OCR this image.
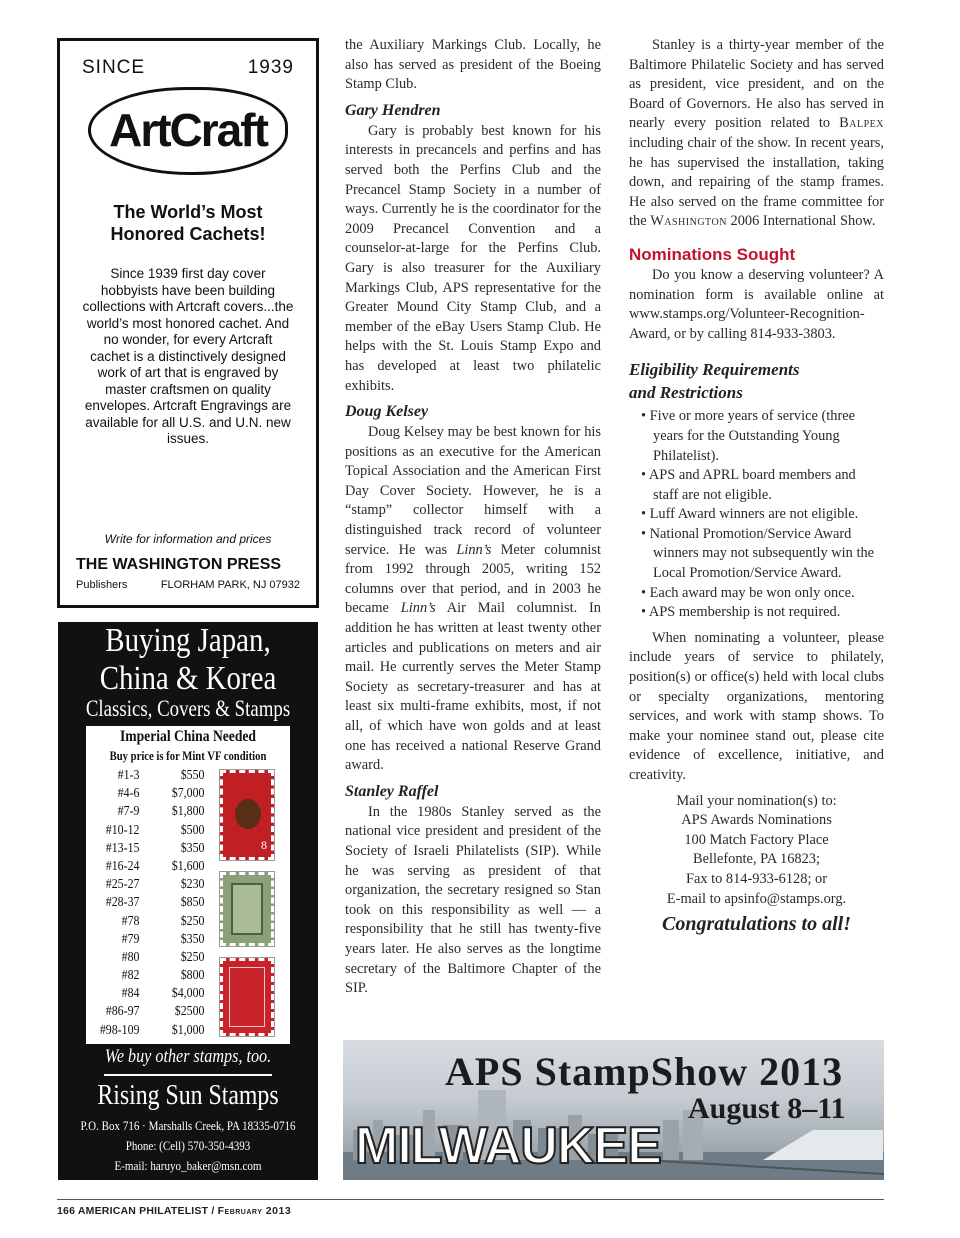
SINCE	1939
ArtCraft
The World’s Most
Honored Cachets!
Since 1939 first day cover hobbyists have been building collections with Artcraft covers...the world’s most honored cachet. And no wonder, for every Artcraft cachet is a distinctively designed work of art that is engraved by master craftsmen on quality envelopes. Artcraft Engravings are available for all U.S. and U.N. new issues.
Write for information and prices
THE WASHINGTON PRESS
Publishers	FLORHAM PARK, NJ 07932
Buying Japan,
China & Korea
Classics, Covers & Stamps
Imperial China Needed
Buy price is for Mint VF condition
#1-3	$550
#4-6	$7,000
#7-9	$1,800
#10-12	$500
#13-15	$350
#16-24	$1,600
#25-27	$230
#28-37	$850
#78	$250
#79	$350
#80	$250
#82	$800
#84	$4,000
#86-97	$2500
#98-109	$1,000
8
We buy other stamps, too.
Rising Sun Stamps
P.O. Box 716 · Marshalls Creek, PA 18335-0716
Phone: (Cell) 570-350-4393
E-mail: haruyo_baker@msn.com

the Auxiliary Markings Club. Locally, he also has served as president of the Boeing Stamp Club.

Gary Hendren

Gary is probably best known for his interests in precancels and perfins and has served both the Perfins Club and the Precancel Stamp Society in a number of ways. Currently he is the coordinator for the 2009 Precancel Convention and a counselor-at-large for the Perfins Club. Gary is also treasurer for the Auxiliary Markings Club, APS representative for the Greater Mound City Stamp Club, and a member of the eBay Users Stamp Club. He helps with the St. Louis Stamp Expo and has developed at least two philatelic exhibits.

Doug Kelsey

Doug Kelsey may be best known for his positions as an executive for the American Topical Association and the American First Day Cover Society. However, he is a “stamp” collector himself with a distinguished track record of volunteer service. He was Linn’s Meter columnist from 1992 through 2005, writing 152 columns over that period, and in 2003 he became Linn’s Air Mail columnist. In addition he has written at least twenty other articles and publications on meters and air mail. He currently serves the Meter Stamp Society as secretary-treasurer and has at least six multi-frame exhibits, most, if not all, of which have won golds and at least one has received a national Reserve Grand award.

Stanley Raffel

In the 1980s Stanley served as the national vice president and president of the Society of Israeli Philatelists (SIP). While he was serving as president of that organization, the secretary resigned so Stan took on this responsibility as well — a responsibility that he still has twenty-five years later. He also serves as the longtime secretary of the Baltimore Chapter of the SIP.

Stanley is a thirty-year member of the Baltimore Philatelic Society and has served as president, vice president, and on the Board of Governors. He also has served in nearly every position related to Balpex including chair of the show. In recent years, he has supervised the installation, taking down, and repairing of the stamp frames. He also served on the frame committee for the Washington 2006 International Show.

Nominations Sought

Do you know a deserving volunteer? A nomination form is available online at www.stamps.org/Volunteer-Recognition-Award, or by calling 814-933-3803.

Eligibility Requirements
and Restrictions
• Five or more years of service (three years for the Outstanding Young Philatelist).
• APS and APRL board members and staff are not eligible.
• Luff Award winners are not eligible.
• National Promotion/Service Award winners may not subsequently win the Local Promotion/Service Award.
• Each award may be won only once.
• APS membership is not required.

When nominating a volunteer, please include years of service to philately, position(s) or office(s) held with local clubs or specialty organizations, mentoring services, and work with stamp shows. To make your nominee stand out, please cite evidence of excellence, initiative, and creativity.

Mail your nomination(s) to:
APS Awards Nominations
100 Match Factory Place
Bellefonte, PA 16823;
Fax to 814-933-6128; or
E-mail to apsinfo@stamps.org.
Congratulations to all!
APS StampShow 2013
August 8–11
MILWAUKEE
166 AMERICAN PHILATELIST / February 2013
